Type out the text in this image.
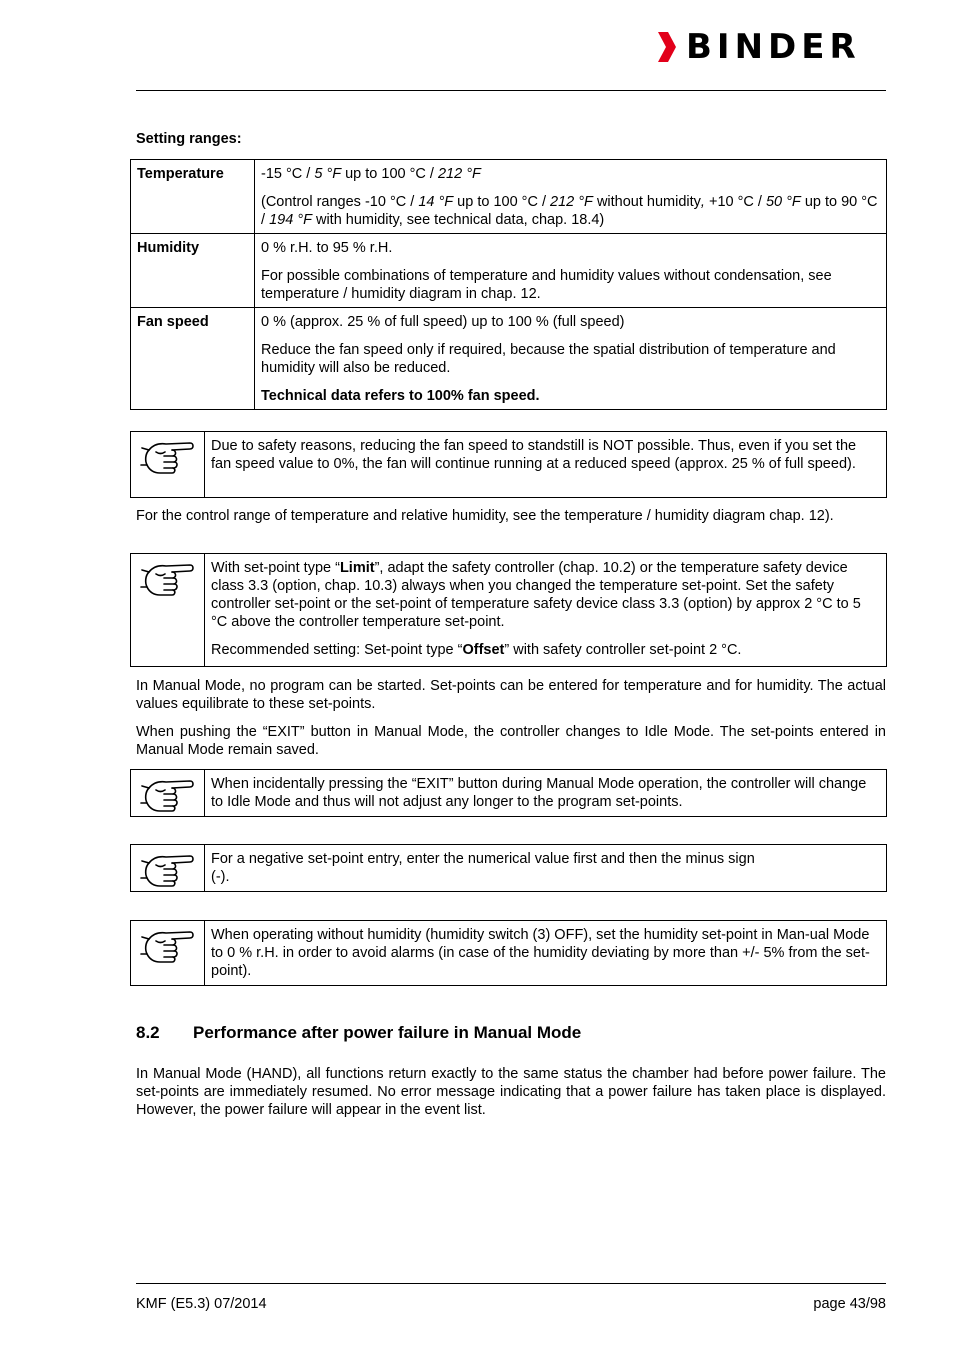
BINDER
Setting ranges:
Temperature	-15 °C / 5 °F up to 100 °C / 212 °F

(Control ranges -10 °C / 14 °F up to 100 °C / 212 °F without humidity, +10 °C / 50 °F up to 90 °C / 194 °F with humidity, see technical data, chap. 18.4)

Humidity	0 % r.H. to 95 % r.H.

For possible combinations of temperature and humidity values without condensation, see temperature / humidity diagram in chap. 12.

Fan speed	0 % (approx. 25 % of full speed) up to 100 % (full speed)

Reduce the fan speed only if required, because the spatial distribution of temperature and humidity will also be reduced.

Technical data refers to 100% fan speed.

Due to safety reasons, reducing the fan speed to standstill is NOT possible. Thus, even if you set the fan speed value to 0%, the fan will continue running at a reduced speed (approx. 25 % of full speed).

For the control range of temperature and relative humidity, see the temperature / humidity diagram chap. 12).

With set-point type “Limit”, adapt the safety controller (chap. 10.2) or the temperature safety device class 3.3 (option, chap. 10.3) always when you changed the temperature set-point. Set the safety controller set-point or the set-point of temperature safety device class 3.3 (option) by approx 2 °C to 5 °C above the controller temperature set-point.

Recommended setting: Set-point type “Offset” with safety controller set-point 2 °C.

In Manual Mode, no program can be started. Set-points can be entered for temperature and for humidity. The actual values equilibrate to these set-points.

When pushing the “EXIT” button in Manual Mode, the controller changes to Idle Mode. The set-points entered in Manual Mode remain saved.

When incidentally pressing the “EXIT” button during Manual Mode operation, the controller will change to Idle Mode and thus will not adjust any longer to the program set-points.

For a negative set-point entry, enter the numerical value first and then the minus sign

(-).

When operating without humidity (humidity switch (3) OFF), set the humidity set-point in Man-ual Mode to 0 % r.H. in order to avoid alarms (in case of the humidity deviating by more than +/- 5% from the set-point).

8.2 Performance after power failure in Manual Mode

In Manual Mode (HAND), all functions return exactly to the same status the chamber had before power failure. The set-points are immediately resumed. No error message indicating that a power failure has taken place is displayed. However, the power failure will appear in the event list.

KMF (E5.3) 07/2014	page 43/98
